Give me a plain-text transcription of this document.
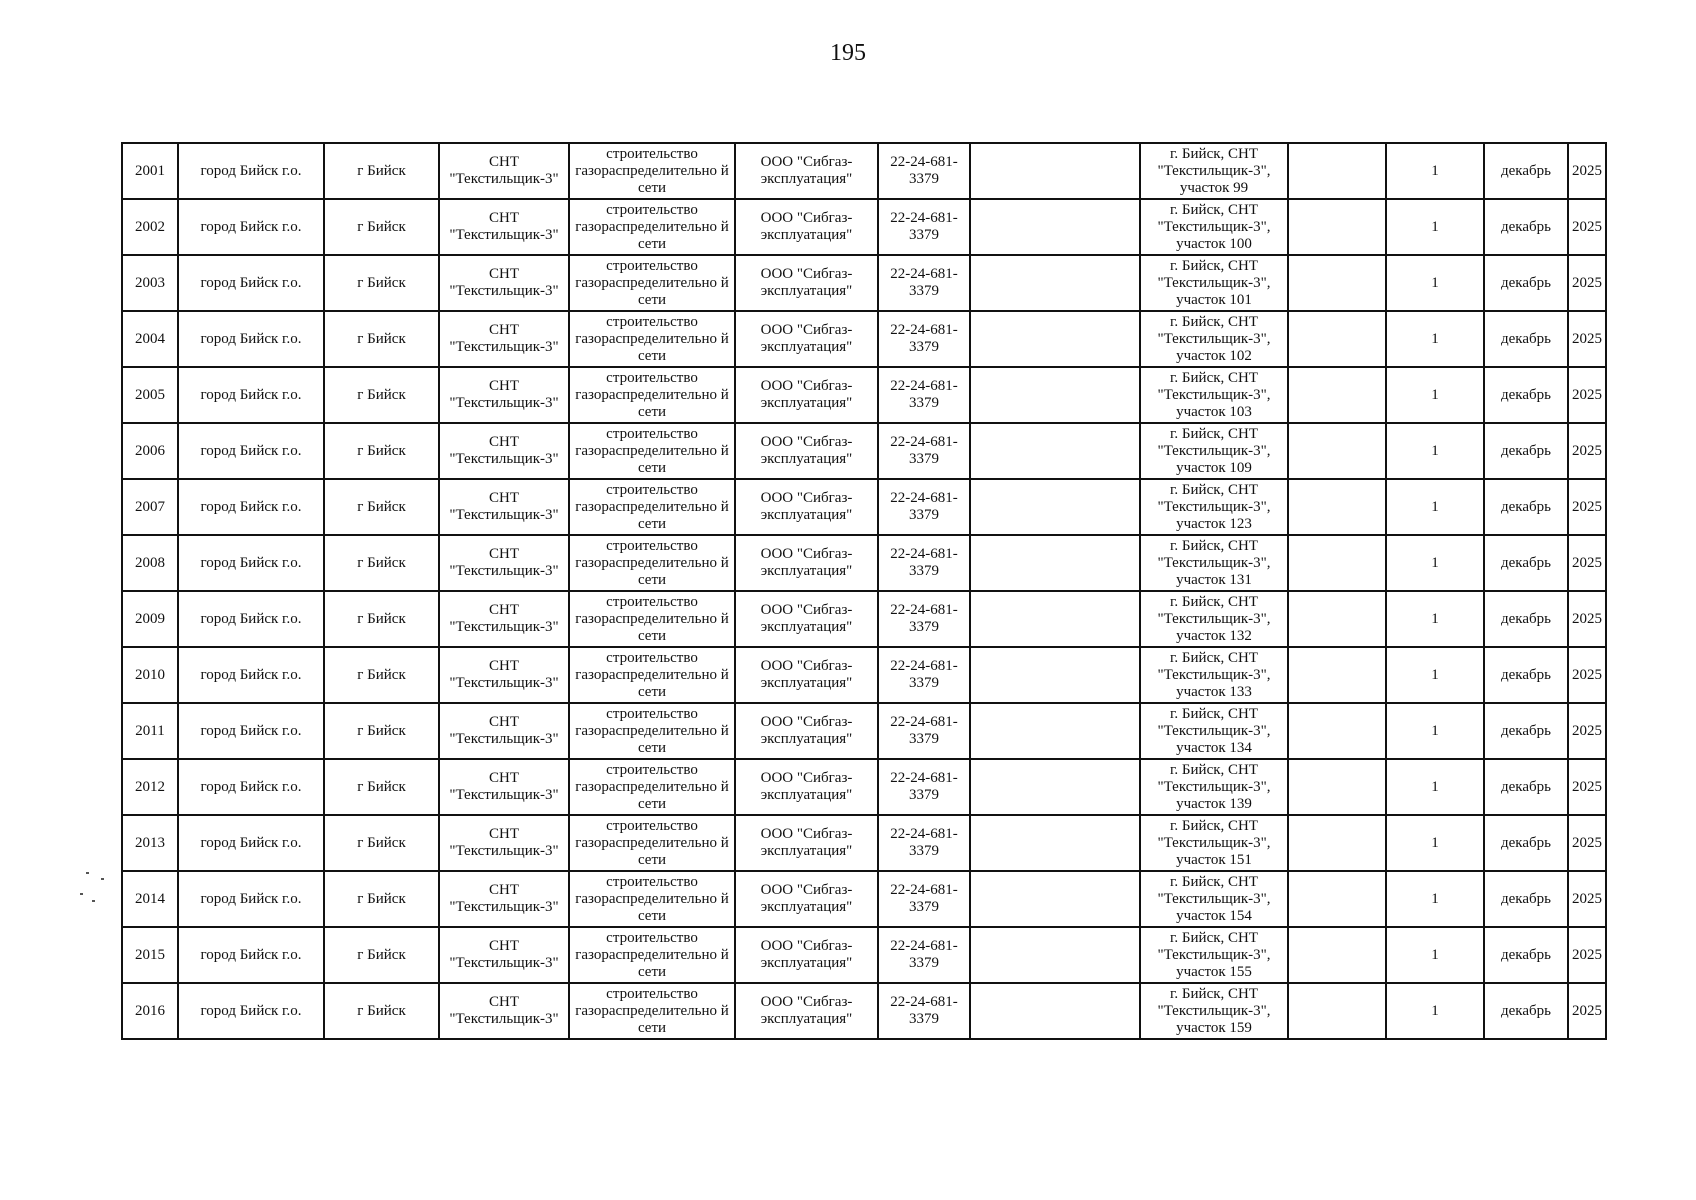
195
2001	город Бийск г.о.	г Бийск	СНТ "Текстильщик-3"	строительство газораспределительно й сети	ООО "Сибгаз-эксплуатация"	22-24-681-3379		г. Бийск, СНТ "Текстильщик-3", участок 99		1	декабрь	2025
2002	город Бийск г.о.	г Бийск	СНТ "Текстильщик-3"	строительство газораспределительно й сети	ООО "Сибгаз-эксплуатация"	22-24-681-3379		г. Бийск, СНТ "Текстильщик-3", участок 100		1	декабрь	2025
2003	город Бийск г.о.	г Бийск	СНТ "Текстильщик-3"	строительство газораспределительно й сети	ООО "Сибгаз-эксплуатация"	22-24-681-3379		г. Бийск, СНТ "Текстильщик-3", участок 101		1	декабрь	2025
2004	город Бийск г.о.	г Бийск	СНТ "Текстильщик-3"	строительство газораспределительно й сети	ООО "Сибгаз-эксплуатация"	22-24-681-3379		г. Бийск, СНТ "Текстильщик-3", участок 102		1	декабрь	2025
2005	город Бийск г.о.	г Бийск	СНТ "Текстильщик-3"	строительство газораспределительно й сети	ООО "Сибгаз-эксплуатация"	22-24-681-3379		г. Бийск, СНТ "Текстильщик-3", участок 103		1	декабрь	2025
2006	город Бийск г.о.	г Бийск	СНТ "Текстильщик-3"	строительство газораспределительно й сети	ООО "Сибгаз-эксплуатация"	22-24-681-3379		г. Бийск, СНТ "Текстильщик-3", участок 109		1	декабрь	2025
2007	город Бийск г.о.	г Бийск	СНТ "Текстильщик-3"	строительство газораспределительно й сети	ООО "Сибгаз-эксплуатация"	22-24-681-3379		г. Бийск, СНТ "Текстильщик-3", участок 123		1	декабрь	2025
2008	город Бийск г.о.	г Бийск	СНТ "Текстильщик-3"	строительство газораспределительно й сети	ООО "Сибгаз-эксплуатация"	22-24-681-3379		г. Бийск, СНТ "Текстильщик-3", участок 131		1	декабрь	2025
2009	город Бийск г.о.	г Бийск	СНТ "Текстильщик-3"	строительство газораспределительно й сети	ООО "Сибгаз-эксплуатация"	22-24-681-3379		г. Бийск, СНТ "Текстильщик-3", участок 132		1	декабрь	2025
2010	город Бийск г.о.	г Бийск	СНТ "Текстильщик-3"	строительство газораспределительно й сети	ООО "Сибгаз-эксплуатация"	22-24-681-3379		г. Бийск, СНТ "Текстильщик-3", участок 133		1	декабрь	2025
2011	город Бийск г.о.	г Бийск	СНТ "Текстильщик-3"	строительство газораспределительно й сети	ООО "Сибгаз-эксплуатация"	22-24-681-3379		г. Бийск, СНТ "Текстильщик-3", участок 134		1	декабрь	2025
2012	город Бийск г.о.	г Бийск	СНТ "Текстильщик-3"	строительство газораспределительно й сети	ООО "Сибгаз-эксплуатация"	22-24-681-3379		г. Бийск, СНТ "Текстильщик-3", участок 139		1	декабрь	2025
2013	город Бийск г.о.	г Бийск	СНТ "Текстильщик-3"	строительство газораспределительно й сети	ООО "Сибгаз-эксплуатация"	22-24-681-3379		г. Бийск, СНТ "Текстильщик-3", участок 151		1	декабрь	2025
2014	город Бийск г.о.	г Бийск	СНТ "Текстильщик-3"	строительство газораспределительно й сети	ООО "Сибгаз-эксплуатация"	22-24-681-3379		г. Бийск, СНТ "Текстильщик-3", участок 154		1	декабрь	2025
2015	город Бийск г.о.	г Бийск	СНТ "Текстильщик-3"	строительство газораспределительно й сети	ООО "Сибгаз-эксплуатация"	22-24-681-3379		г. Бийск, СНТ "Текстильщик-3", участок 155		1	декабрь	2025
2016	город Бийск г.о.	г Бийск	СНТ "Текстильщик-3"	строительство газораспределительно й сети	ООО "Сибгаз-эксплуатация"	22-24-681-3379		г. Бийск, СНТ "Текстильщик-3", участок 159		1	декабрь	2025
